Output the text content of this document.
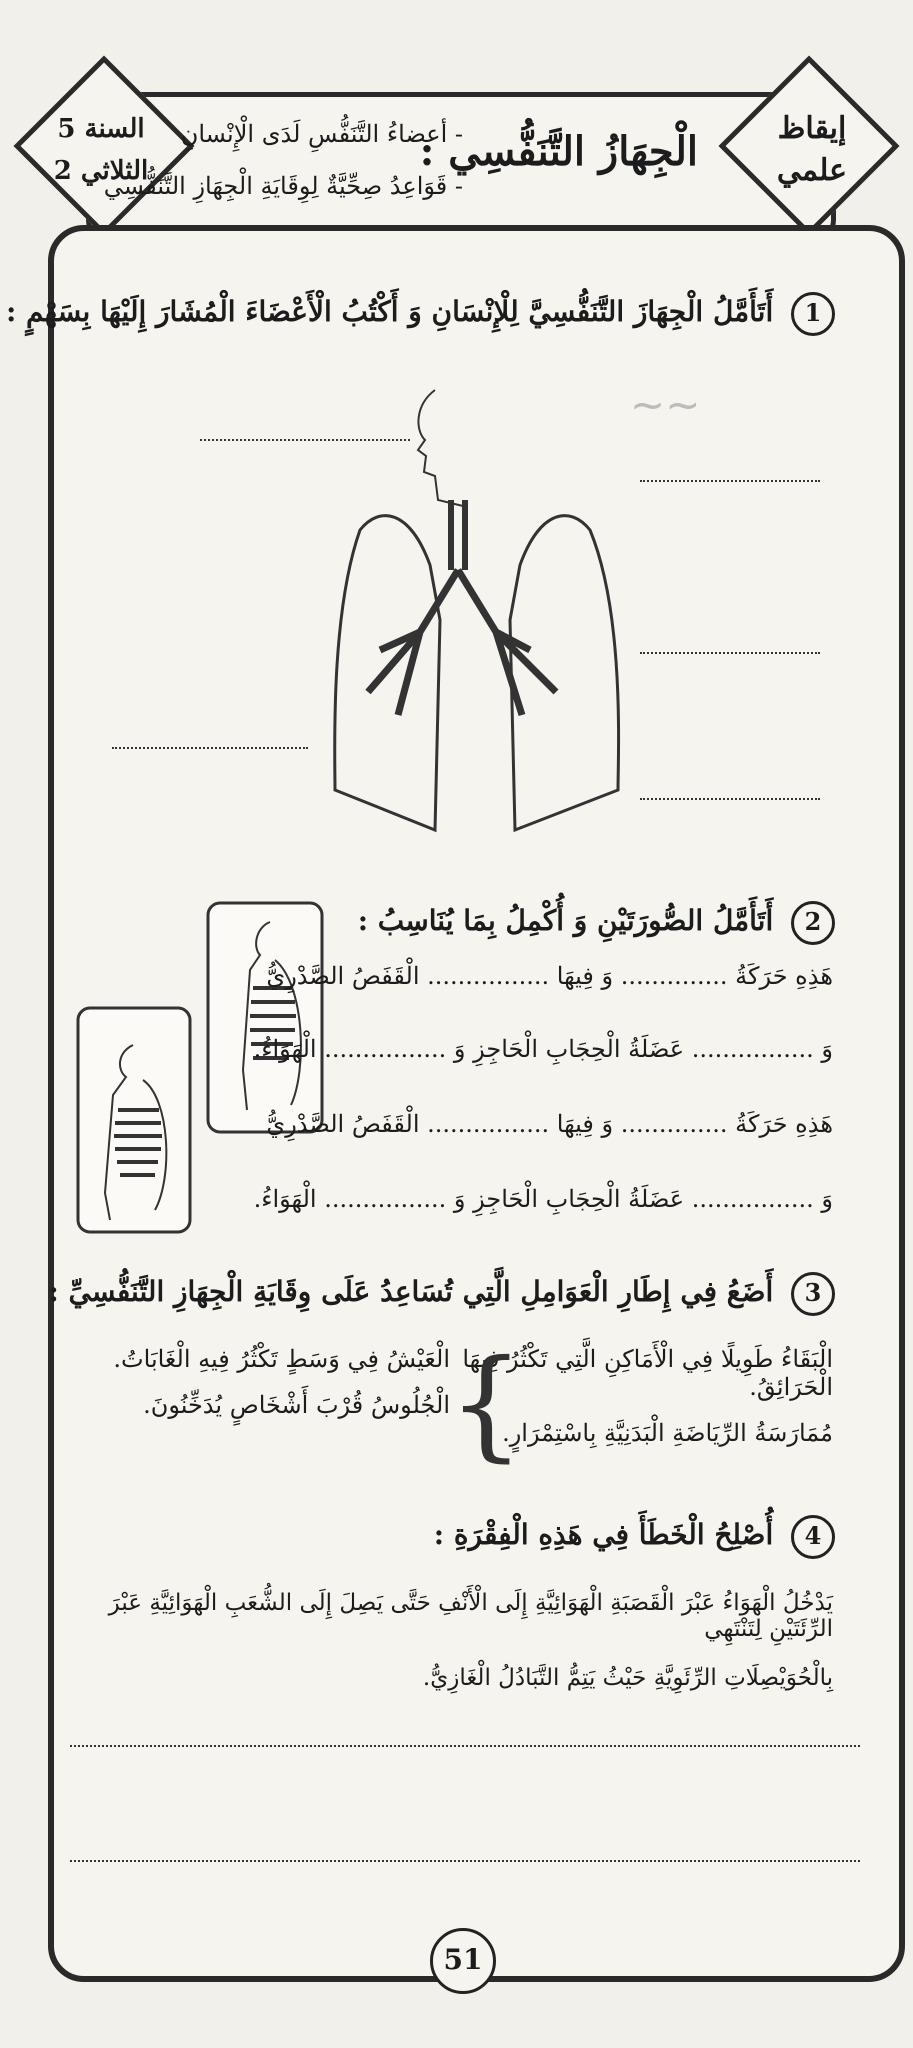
إيقاظ
علمي
السنة 5
الثلاثي 2	الْجِهَازُ التَّنَفُّسِي :
- أعضاءُ التَّنَفُّسِ لَدَى الْإِنْسانِ
- قَوَاعِدُ صِحِّيَّةٌ لِوِقَايَةِ الْجِهَازِ التَّنَفُّسِي
1 أَتَأَمَّلُ الْجِهَازَ التَّنَفُّسِيَّ لِلْإِنْسَانِ وَ أَكْتُبُ الْأَعْضَاءَ الْمُشَارَ إِلَيْهَا بِسَهْمٍ :
~~
2 أَتَأَمَّلُ الصُّورَتَيْنِ وَ أُكْمِلُ بِمَا يُنَاسِبُ :
هَذِهِ حَرَكَةُ .............. وَ فِيهَا ................ الْقَفَصُ الصَّدْرِيُّ
وَ ................ عَضَلَةُ الْحِجَابِ الْحَاجِزِ وَ ................ الْهَوَاءُ.
هَذِهِ حَرَكَةُ .............. وَ فِيهَا ................ الْقَفَصُ الصَّدْرِيُّ
وَ ................ عَضَلَةُ الْحِجَابِ الْحَاجِزِ وَ ................ الْهَوَاءُ.
3 أَضَعُ فِي إِطَارِ الْعَوَامِلِ الَّتِي تُسَاعِدُ عَلَى وِقَايَةِ الْجِهَازِ التَّنَفُّسِيِّ :
الْبَقَاءُ طَوِيلًا فِي الْأَمَاكِنِ الَّتِي تَكْثُرُ فِيهَا الْحَرَائِقُ.
مُمَارَسَةُ الرِّيَاضَةِ الْبَدَنِيَّةِ بِاسْتِمْرَارٍ.
}
الْعَيْشُ فِي وَسَطٍ تَكْثُرُ فِيهِ الْغَابَاتُ.
الْجُلُوسُ قُرْبَ أَشْخَاصٍ يُدَخِّنُونَ.
4 أُصْلِحُ الْخَطَأَ فِي هَذِهِ الْفِقْرَةِ :
يَدْخُلُ الْهَوَاءُ عَبْرَ الْقَصَبَةِ الْهَوَائِيَّةِ إِلَى الْأَنْفِ حَتَّى يَصِلَ إِلَى الشُّعَبِ الْهَوَائِيَّةِ عَبْرَ الرِّئَتَيْنِ لِتَنْتَهِي
بِالْحُوَيْصِلَاتِ الرِّئَوِيَّةِ حَيْثُ يَتِمُّ التَّبَادُلُ الْغَازِيُّ.
51
